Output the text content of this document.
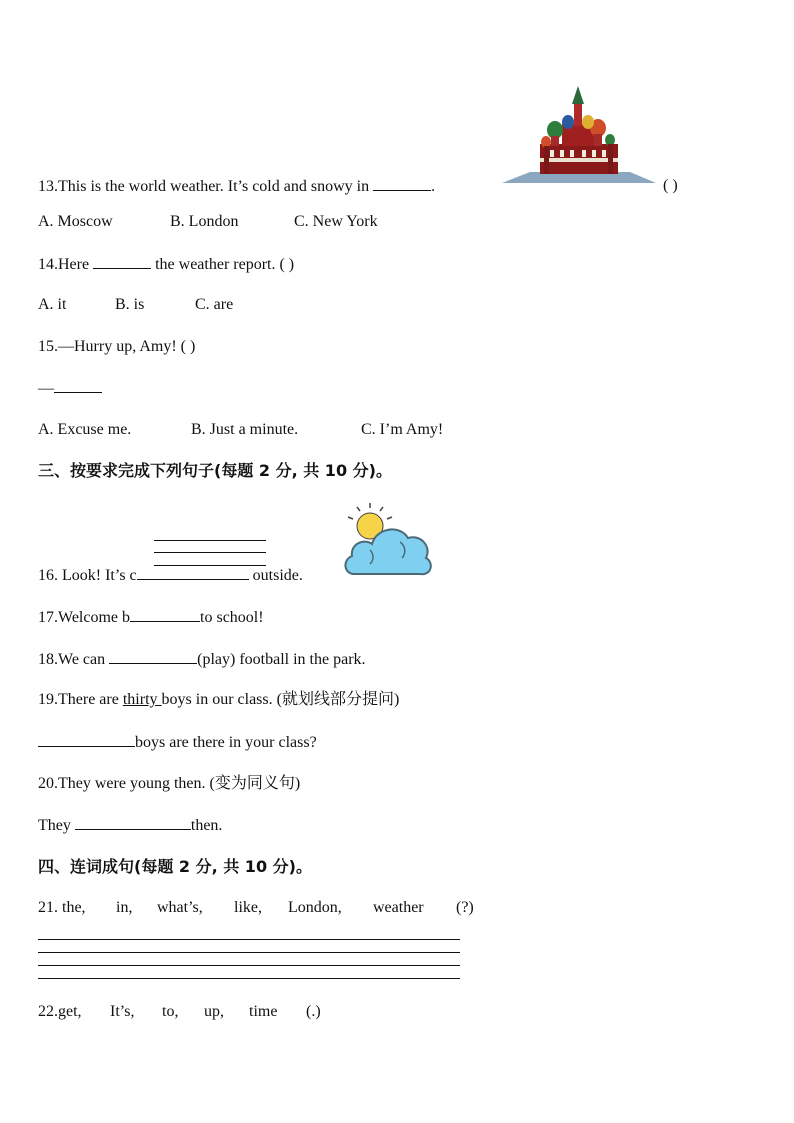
13.This is the world weather. It’s cold and snowy in	.	( )
A. Moscow	B. London	C. New York
14.Here	the weather report. ( )
A. it	B. is	C. are
15.—Hurry up, Amy! ( )
—
A. Excuse me.	B. Just a minute.	C. I’m Amy!
三、按要求完成下列句子(每题 2 分, 共 10 分)。
16. Look! It’s c	outside.
17.Welcome b	to school!
18.We can	(play) football in the park.
19.There are thirty boys in our class. (就划线部分提问)
boys are there in your class?
20.They were young then. (变为同义句)
They	then.
四、连词成句(每题 2 分, 共 10 分)。
21. the, in, what’s, like, London, weather (?)
22.get, It’s, to, up, time (.)
